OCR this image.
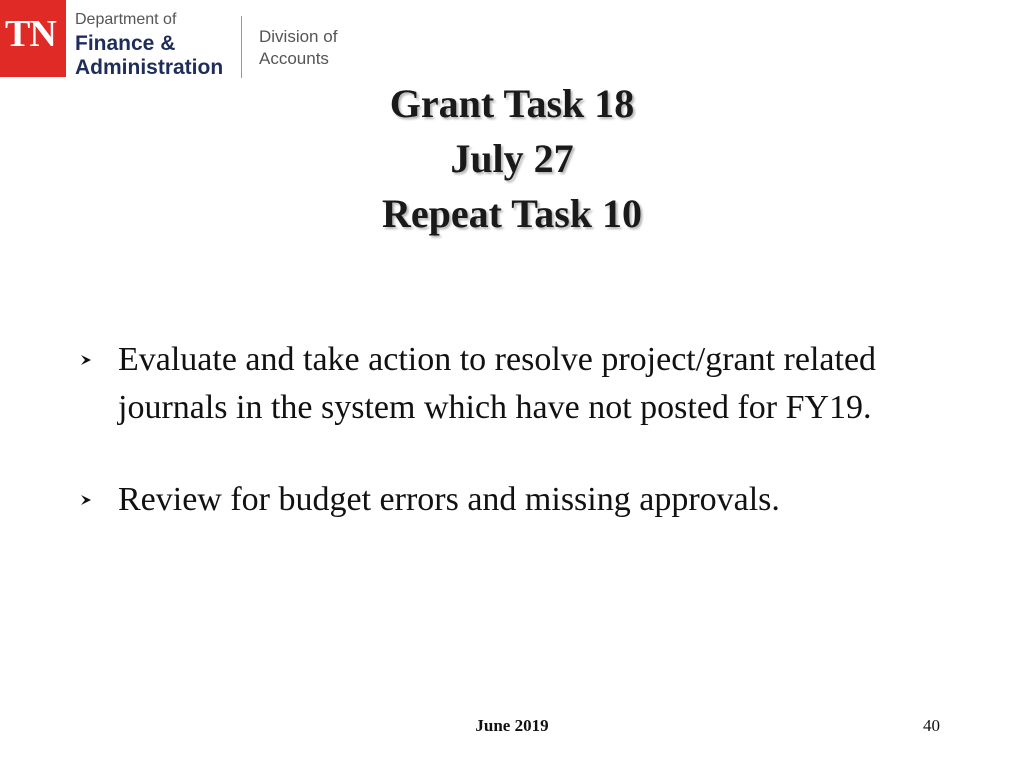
TN Department of
Finance &
Administration
Division of
Accounts
Grant Task 18
July 27
Repeat Task 10
Evaluate and take action to resolve project/grant related journals in the system which have not posted for FY19.
Review for budget errors and missing approvals.
June 2019	40
